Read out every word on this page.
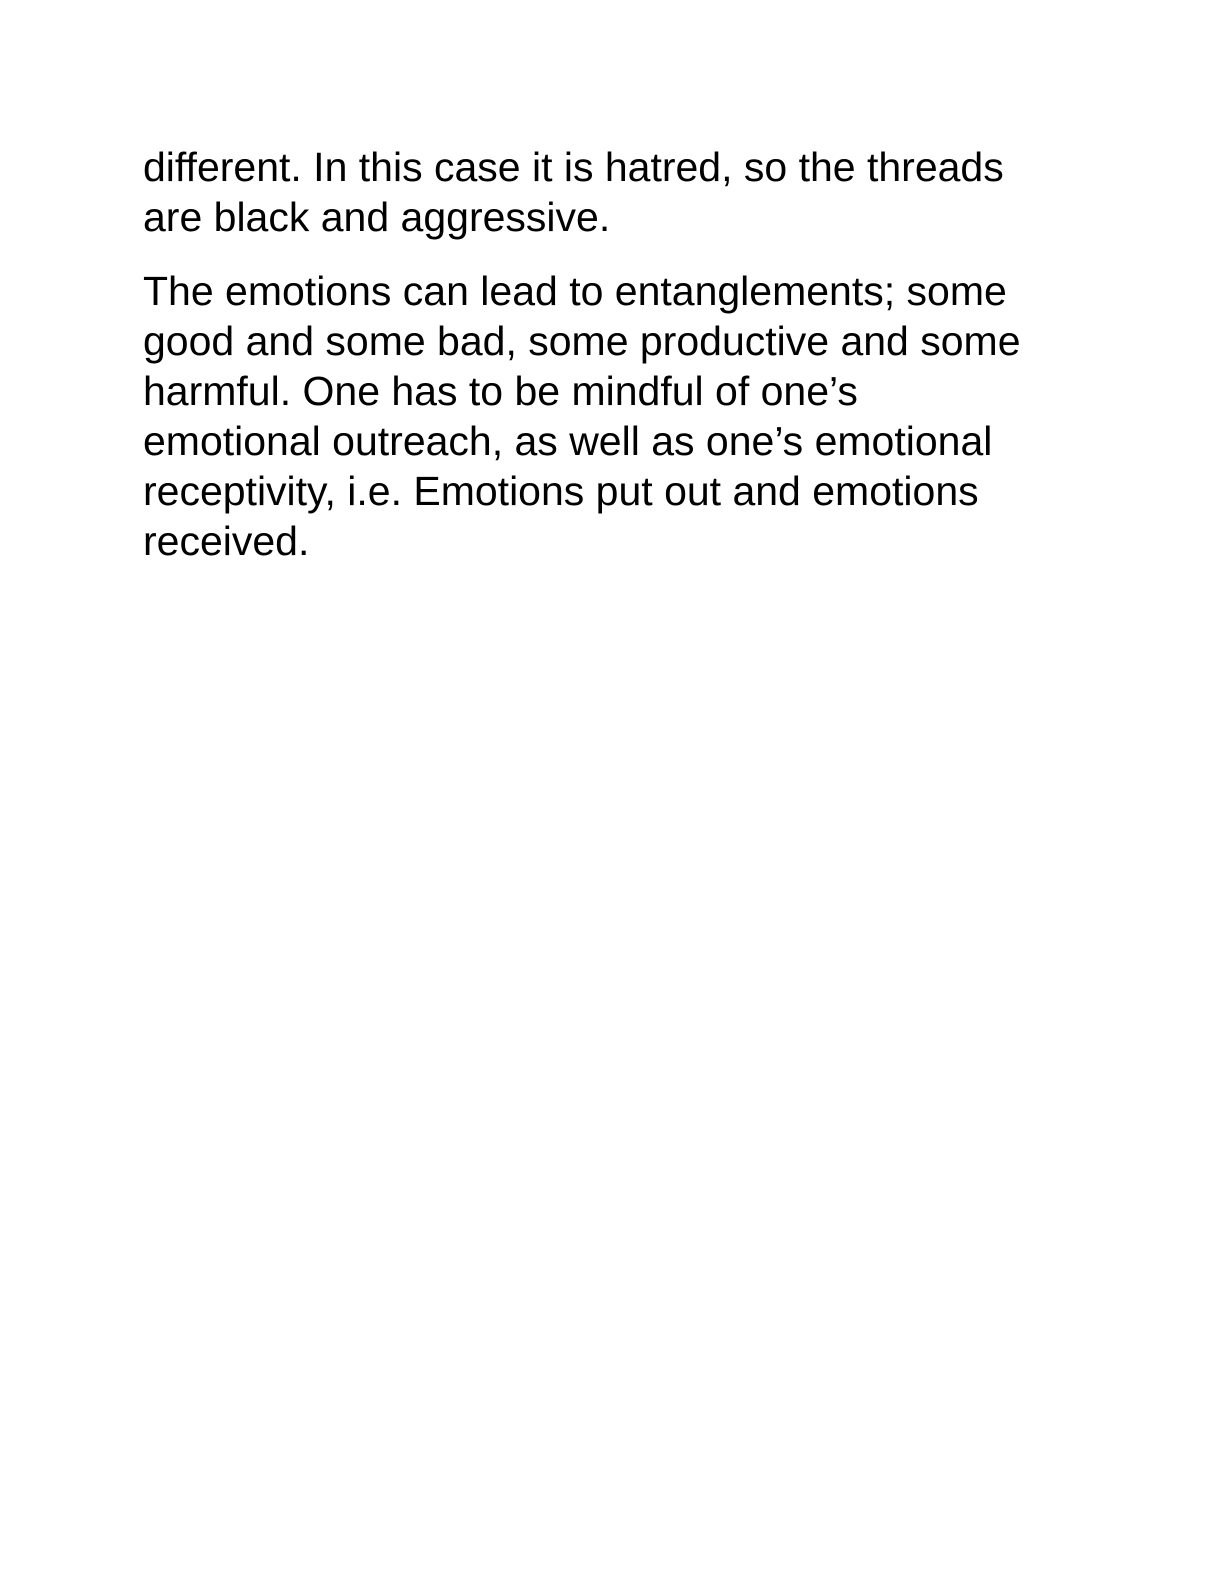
different. In this case it is hatred, so the threads
are black and aggressive.

The emotions can lead to entanglements; some
good and some bad, some productive and some
harmful. One has to be mindful of one’s
emotional outreach, as well as one’s emotional
receptivity, i.e. Emotions put out and emotions
received.
